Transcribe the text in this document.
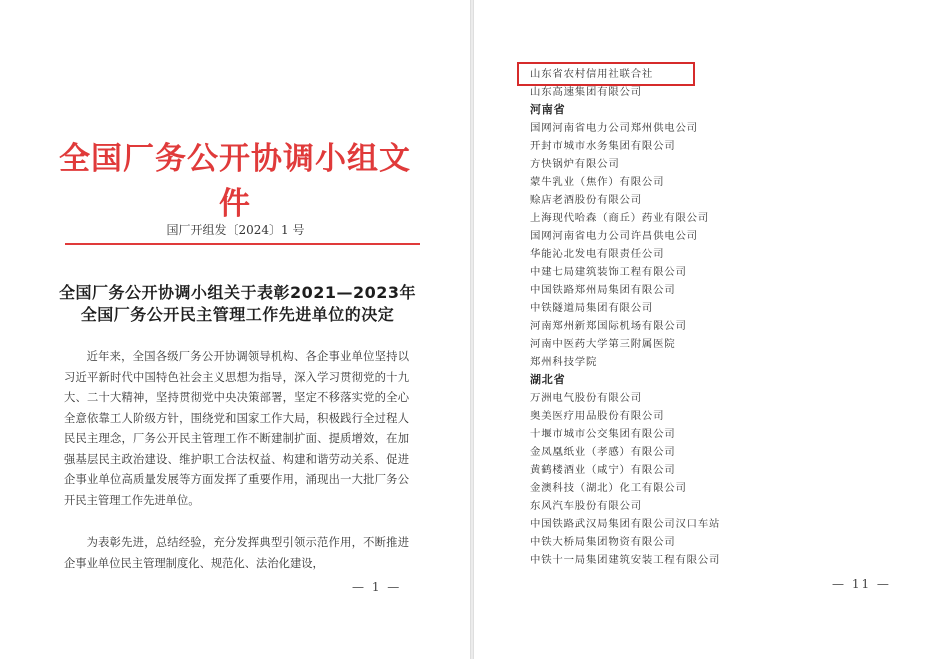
全国厂务公开协调小组文件
国厂开组发〔2024〕1 号
全国厂务公开协调小组关于表彰2021—2023年
全国厂务公开民主管理工作先进单位的决定

近年来，全国各级厂务公开协调领导机构、各企事业单位坚持以习近平新时代中国特色社会主义思想为指导，深入学习贯彻党的十九大、二十大精神，坚持贯彻党中央决策部署，坚定不移落实党的全心全意依靠工人阶级方针，围绕党和国家工作大局，积极践行全过程人民民主理念，厂务公开民主管理工作不断建制扩面、提质增效，在加强基层民主政治建设、维护职工合法权益、构建和谐劳动关系、促进企事业单位高质量发展等方面发挥了重要作用，涌现出一大批厂务公开民主管理工作先进单位。

为表彰先进，总结经验，充分发挥典型引领示范作用，不断推进企事业单位民主管理制度化、规范化、法治化建设，

— 1 —
山东省农村信用社联合社
山东高速集团有限公司
河南省
国网河南省电力公司郑州供电公司
开封市城市水务集团有限公司
方快锅炉有限公司
蒙牛乳业（焦作）有限公司
赊店老酒股份有限公司
上海现代哈森（商丘）药业有限公司
国网河南省电力公司许昌供电公司
华能沁北发电有限责任公司
中建七局建筑装饰工程有限公司
中国铁路郑州局集团有限公司
中铁隧道局集团有限公司
河南郑州新郑国际机场有限公司
河南中医药大学第三附属医院
郑州科技学院
湖北省
万洲电气股份有限公司
奥美医疗用品股份有限公司
十堰市城市公交集团有限公司
金凤凰纸业（孝感）有限公司
黄鹤楼酒业（咸宁）有限公司
金澳科技（湖北）化工有限公司
东风汽车股份有限公司
中国铁路武汉局集团有限公司汉口车站
中铁大桥局集团物资有限公司
中铁十一局集团建筑安装工程有限公司
— 11 —
